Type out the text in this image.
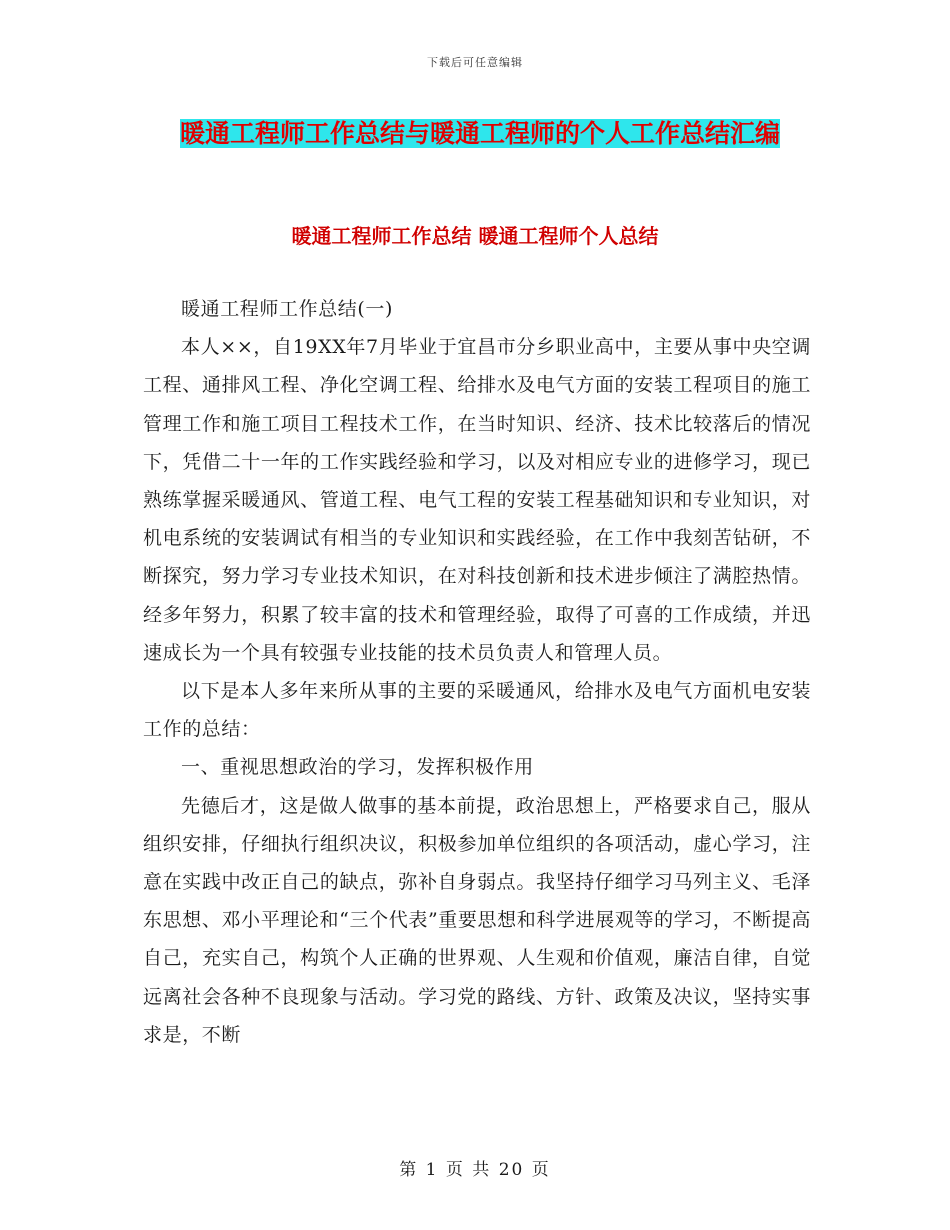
下载后可任意编辑
暖通工程师工作总结与暖通工程师的个人工作总结汇编
暖通工程师工作总结 暖通工程师个人总结

暖通工程师工作总结(一)

本人××，自19XX年7月毕业于宜昌市分乡职业高中，主要从事中央空调工程、通排风工程、净化空调工程、给排水及电气方面的安装工程项目的施工管理工作和施工项目工程技术工作，在当时知识、经济、技术比较落后的情况下，凭借二十一年的工作实践经验和学习，以及对相应专业的进修学习，现已熟练掌握采暖通风、管道工程、电气工程的安装工程基础知识和专业知识，对机电系统的安装调试有相当的专业知识和实践经验，在工作中我刻苦钻研，不断探究，努力学习专业技术知识，在对科技创新和技术进步倾注了满腔热情。经多年努力，积累了较丰富的技术和管理经验，取得了可喜的工作成绩，并迅速成长为一个具有较强专业技能的技术员负责人和管理人员。

以下是本人多年来所从事的主要的采暖通风，给排水及电气方面机电安装工作的总结：

一、重视思想政治的学习，发挥积极作用

先德后才，这是做人做事的基本前提，政治思想上，严格要求自己，服从组织安排，仔细执行组织决议，积极参加单位组织的各项活动，虚心学习，注意在实践中改正自己的缺点，弥补自身弱点。我坚持仔细学习马列主义、毛泽东思想、邓小平理论和“三个代表”重要思想和科学进展观等的学习，不断提高自己，充实自己，构筑个人正确的世界观、人生观和价值观，廉洁自律，自觉远离社会各种不良现象与活动。学习党的路线、方针、政策及决议，坚持实事求是，不断

第 1 页 共 20 页
